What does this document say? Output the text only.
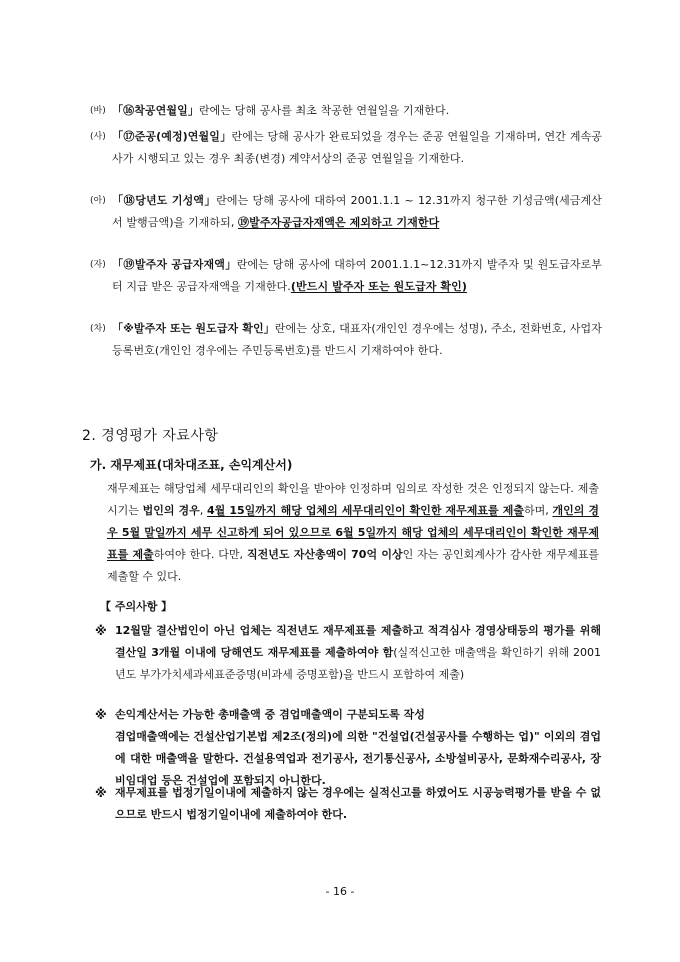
(바) 「⑯착공연월일」란에는 당해 공사를 최초 착공한 연월일을 기재한다.
(사) 「⑰준공(예정)연월일」란에는 당해 공사가 완료되었을 경우는 준공 연월일을 기재하며, 연간 계속공사가 시행되고 있는 경우 최종(변경) 계약서상의 준공 연월일을 기재한다.
(아) 「⑱당년도 기성액」란에는 당해 공사에 대하여 2001.1.1 ~ 12.31까지 청구한 기성금액(세금계산서 발행금액)을 기재하되, ⑲발주자공급자재액은 제외하고 기재한다
(자) 「⑲발주자 공급자재액」란에는 당해 공사에 대하여 2001.1.1~12.31까지 발주자 및 원도급자로부터 지급 받은 공급자재액을 기재한다.(반드시 발주자 또는 원도급자 확인)
(차) 「※발주자 또는 원도급자 확인」란에는 상호, 대표자(개인인 경우에는 성명), 주소, 전화번호, 사업자등록번호(개인인 경우에는 주민등록번호)를 반드시 기재하여야 한다.
2. 경영평가 자료사항
가. 재무제표(대차대조표, 손익계산서)
재무제표는 해당업체 세무대리인의 확인을 받아야 인정하며 임의로 작성한 것은 인정되지 않는다. 제출시기는 법인의 경우, 4월 15일까지 해당 업체의 세무대리인이 확인한 재무제표를 제출하며, 개인의 경우 5월 말일까지 세무 신고하게 되어 있으므로 6월 5일까지 해당 업체의 세무대리인이 확인한 재무제표를 제출하여야 한다. 다만, 직전년도 자산총액이 70억 이상인 자는 공인회계사가 감사한 재무제표를 제출할 수 있다.
【 주의사항 】
※ 12월말 결산법인이 아닌 업체는 직전년도 재무제표를 제출하고 적격심사 경영상태등의 평가를 위해 결산일 3개월 이내에 당해연도 재무제표를 제출하여야 함(실적신고한 매출액을 확인하기 위해 2001년도 부가가치세과세표준증명(비과세 증명포함)을 반드시 포함하여 제출)
※ 손익계산서는 가능한 총매출액 중 겸업매출액이 구분되도록 작성
겸업매출액에는 건설산업기본법 제2조(정의)에 의한 "건설업(건설공사를 수행하는 업)" 이외의 겸업에 대한 매출액을 말한다. 건설용역업과 전기공사, 전기통신공사, 소방설비공사, 문화재수리공사, 장비임대업 등은 건설업에 포함되지 아니한다.
※ 재무제표를 법정기일이내에 제출하지 않는 경우에는 실적신고를 하였어도 시공능력평가를 받을 수 없으므로 반드시 법정기일이내에 제출하여야 한다.
- 16 -
